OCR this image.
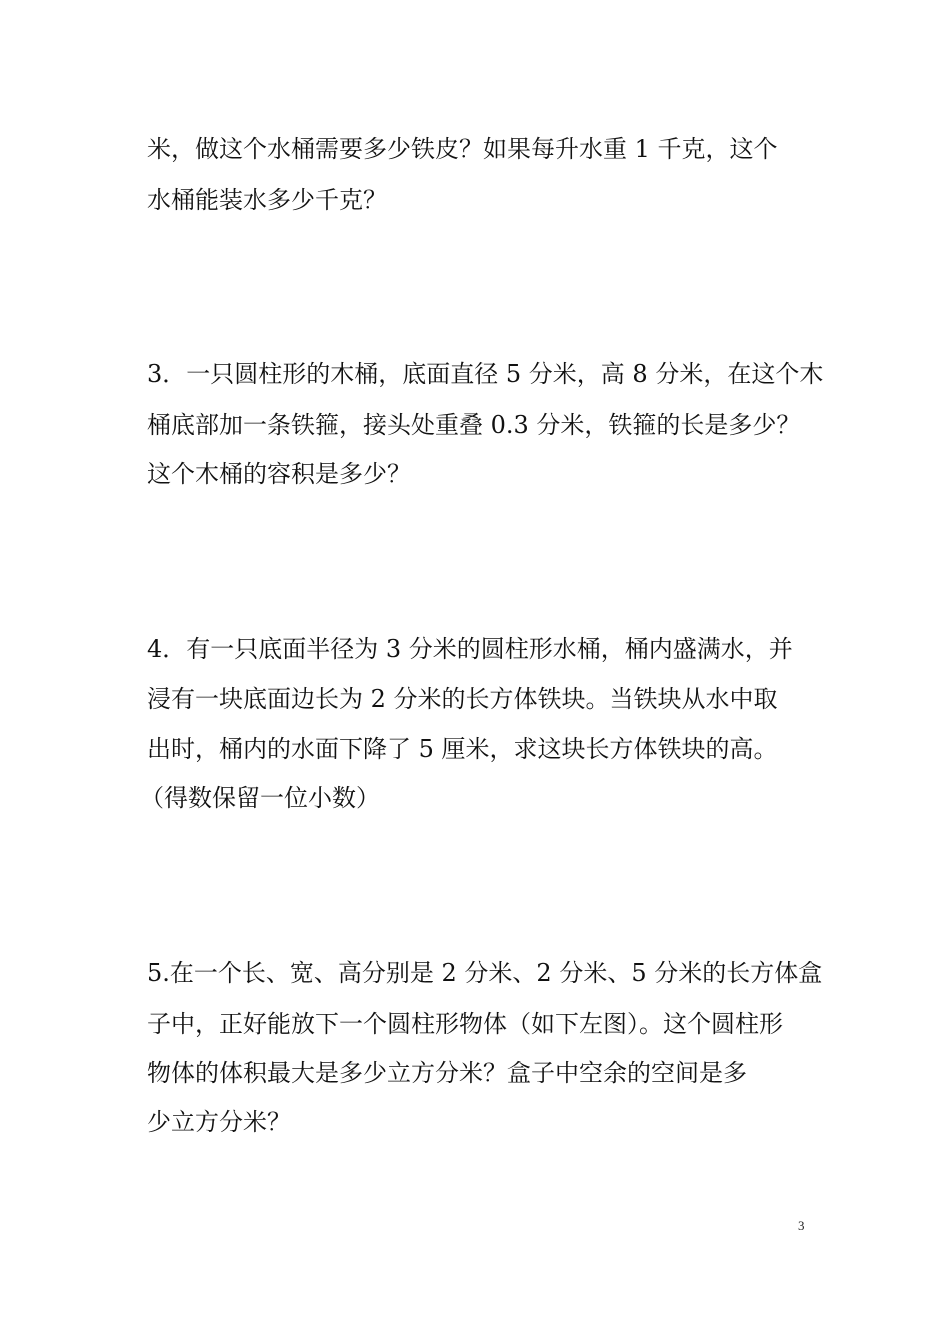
米，做这个水桶需要多少铁皮？如果每升水重 1 千克，这个
水桶能装水多少千克？
3．一只圆柱形的木桶，底面直径 5 分米，高 8 分米，在这个木
桶底部加一条铁箍，接头处重叠 0.3 分米，铁箍的长是多少？
这个木桶的容积是多少？
4．有一只底面半径为 3 分米的圆柱形水桶，桶内盛满水，并
浸有一块底面边长为 2 分米的长方体铁块。当铁块从水中取
出时，桶内的水面下降了 5 厘米，求这块长方体铁块的高。
（得数保留一位小数）
5.在一个长、宽、高分别是 2 分米、2 分米、5 分米的长方体盒
子中，正好能放下一个圆柱形物体（如下左图）。这个圆柱形
物体的体积最大是多少立方分米？盒子中空余的空间是多
少立方分米？
3
